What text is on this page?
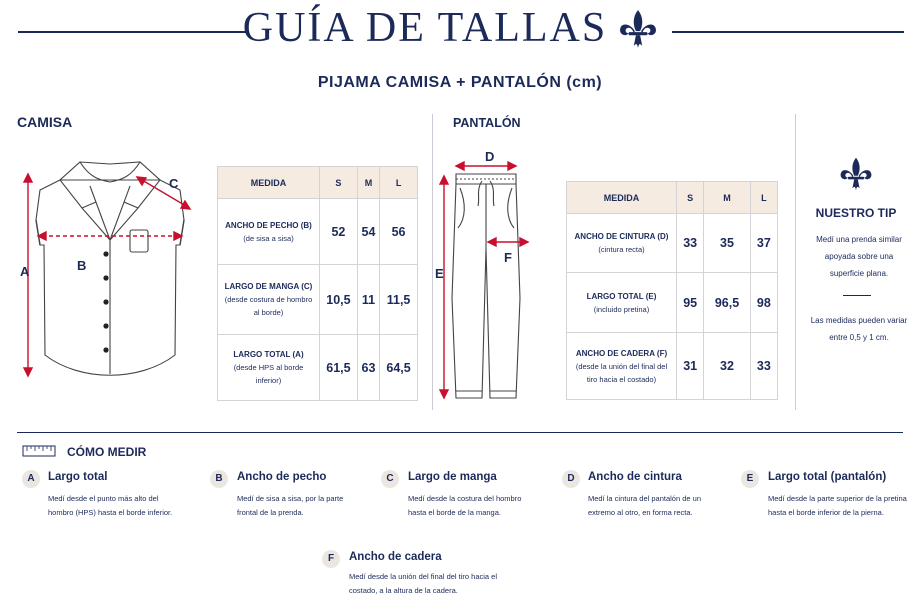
GUÍA DE TALLAS
PIJAMA CAMISA + PANTALÓN (cm)
CAMISA	PANTALÓN
A	B
C	MEDIDA	S	M	L
ANCHO DE PECHO (B)
(de sisa a sisa)	52	54	56
LARGO DE MANGA (C)
(desde costura de hombro al borde)	10,5	11	11,5
LARGO TOTAL (A)
(desde HPS al borde inferior)	61,5	63	64,5
D
E
F
MEDIDA	S	M	L
ANCHO DE CINTURA (D)
(cintura recta)	33	35	37
LARGO TOTAL (E)
(incluido pretina)	95	96,5	98
ANCHO DE CADERA (F)
(desde la unión del final del tiro hacia el costado)	31	32	33
NUESTRO TIP
Medí una prenda similar apoyada sobre una superficie plana.
Las medidas pueden variar entre 0,5 y 1 cm.
CÓMO MEDIR
A	Largo total
Medí desde el punto más alto del hombro (HPS) hasta el borde inferior.
B	Ancho de pecho
Medí de sisa a sisa, por la parte frontal de la prenda.
C	Largo de manga
Medí desde la costura del hombro hasta el borde de la manga.
D	Ancho de cintura
Medí la cintura del pantalón de un extremo al otro, en forma recta.
E	Largo total (pantalón)
Medí desde la parte superior de la pretina hasta el borde inferior de la pierna.
F	Ancho de cadera
Medí desde la unión del final del tiro hacia el costado, a la altura de la cadera.
